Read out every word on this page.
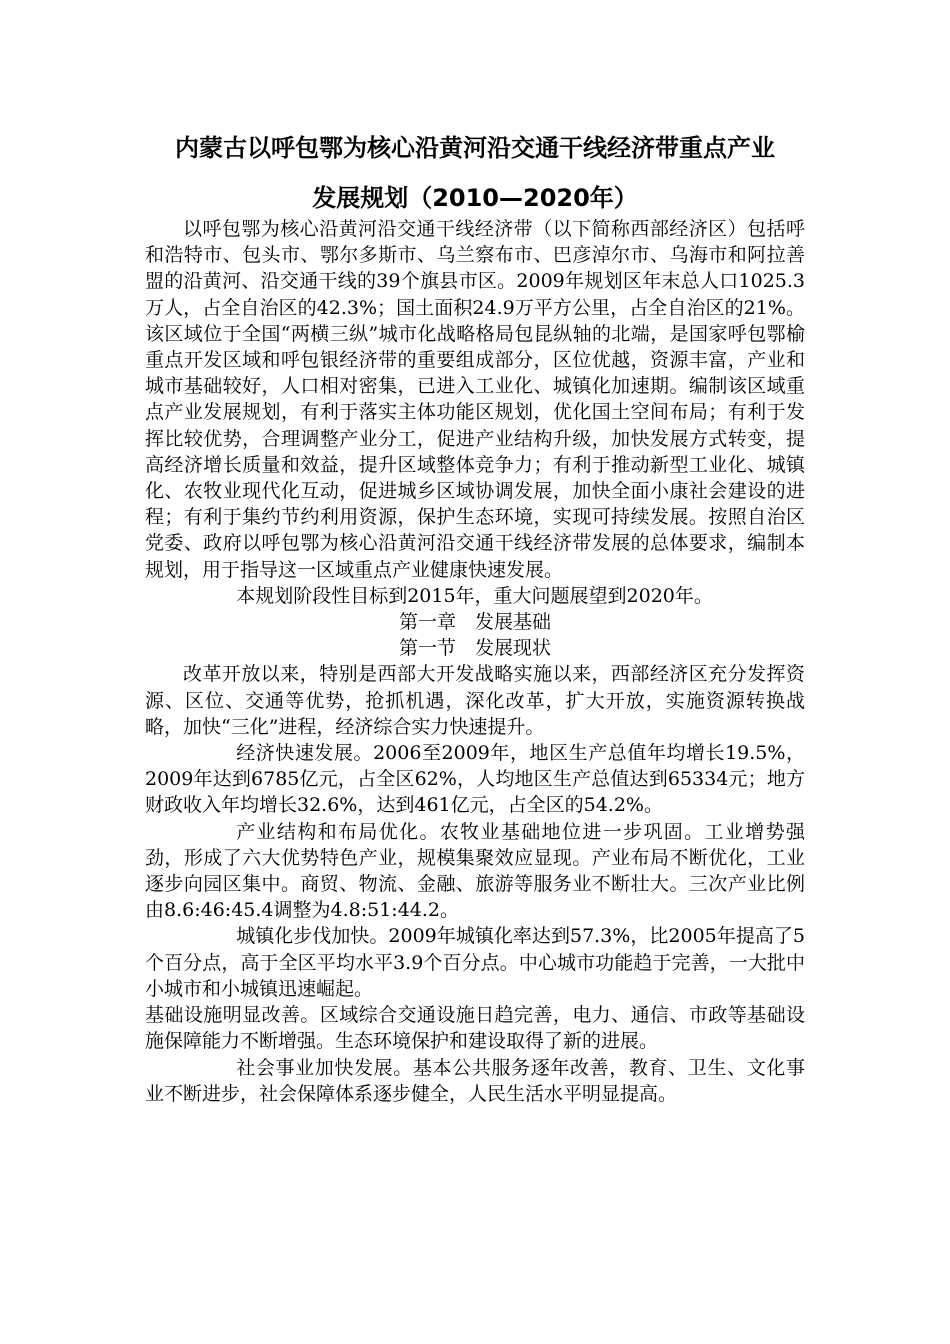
内蒙古以呼包鄂为核心沿黄河沿交通干线经济带重点产业
发展规划（2010—2020年）

以呼包鄂为核心沿黄河沿交通干线经济带（以下简称西部经济区）包括呼和浩特市、包头市、鄂尔多斯市、乌兰察布市、巴彦淖尔市、乌海市和阿拉善盟的沿黄河、沿交通干线的39个旗县市区。2009年规划区年末总人口1025.3万人，占全自治区的42.3%；国土面积24.9万平方公里，占全自治区的21%。该区域位于全国“两横三纵”城市化战略格局包昆纵轴的北端，是国家呼包鄂榆重点开发区域和呼包银经济带的重要组成部分，区位优越，资源丰富，产业和城市基础较好，人口相对密集，已进入工业化、城镇化加速期。编制该区域重点产业发展规划，有利于落实主体功能区规划，优化国土空间布局；有利于发挥比较优势，合理调整产业分工，促进产业结构升级，加快发展方式转变，提高经济增长质量和效益，提升区域整体竞争力；有利于推动新型工业化、城镇化、农牧业现代化互动，促进城乡区域协调发展，加快全面小康社会建设的进程；有利于集约节约利用资源，保护生态环境，实现可持续发展。按照自治区党委、政府以呼包鄂为核心沿黄河沿交通干线经济带发展的总体要求，编制本规划，用于指导这一区域重点产业健康快速发展。

本规划阶段性目标到2015年，重大问题展望到2020年。

第一章　发展基础

第一节　发展现状

改革开放以来，特别是西部大开发战略实施以来，西部经济区充分发挥资源、区位、交通等优势，抢抓机遇，深化改革，扩大开放，实施资源转换战略，加快“三化”进程，经济综合实力快速提升。

经济快速发展。2006至2009年，地区生产总值年均增长19.5%，2009年达到6785亿元，占全区62%，人均地区生产总值达到65334元；地方财政收入年均增长32.6%，达到461亿元，占全区的54.2%。

产业结构和布局优化。农牧业基础地位进一步巩固。工业增势强劲，形成了六大优势特色产业，规模集聚效应显现。产业布局不断优化，工业逐步向园区集中。商贸、物流、金融、旅游等服务业不断壮大。三次产业比例由8.6:46:45.4调整为4.8:51:44.2。

城镇化步伐加快。2009年城镇化率达到57.3%，比2005年提高了5个百分点，高于全区平均水平3.9个百分点。中心城市功能趋于完善，一大批中小城市和小城镇迅速崛起。

基础设施明显改善。区域综合交通设施日趋完善，电力、通信、市政等基础设施保障能力不断增强。生态环境保护和建设取得了新的进展。

社会事业加快发展。基本公共服务逐年改善，教育、卫生、文化事业不断进步，社会保障体系逐步健全，人民生活水平明显提高。
